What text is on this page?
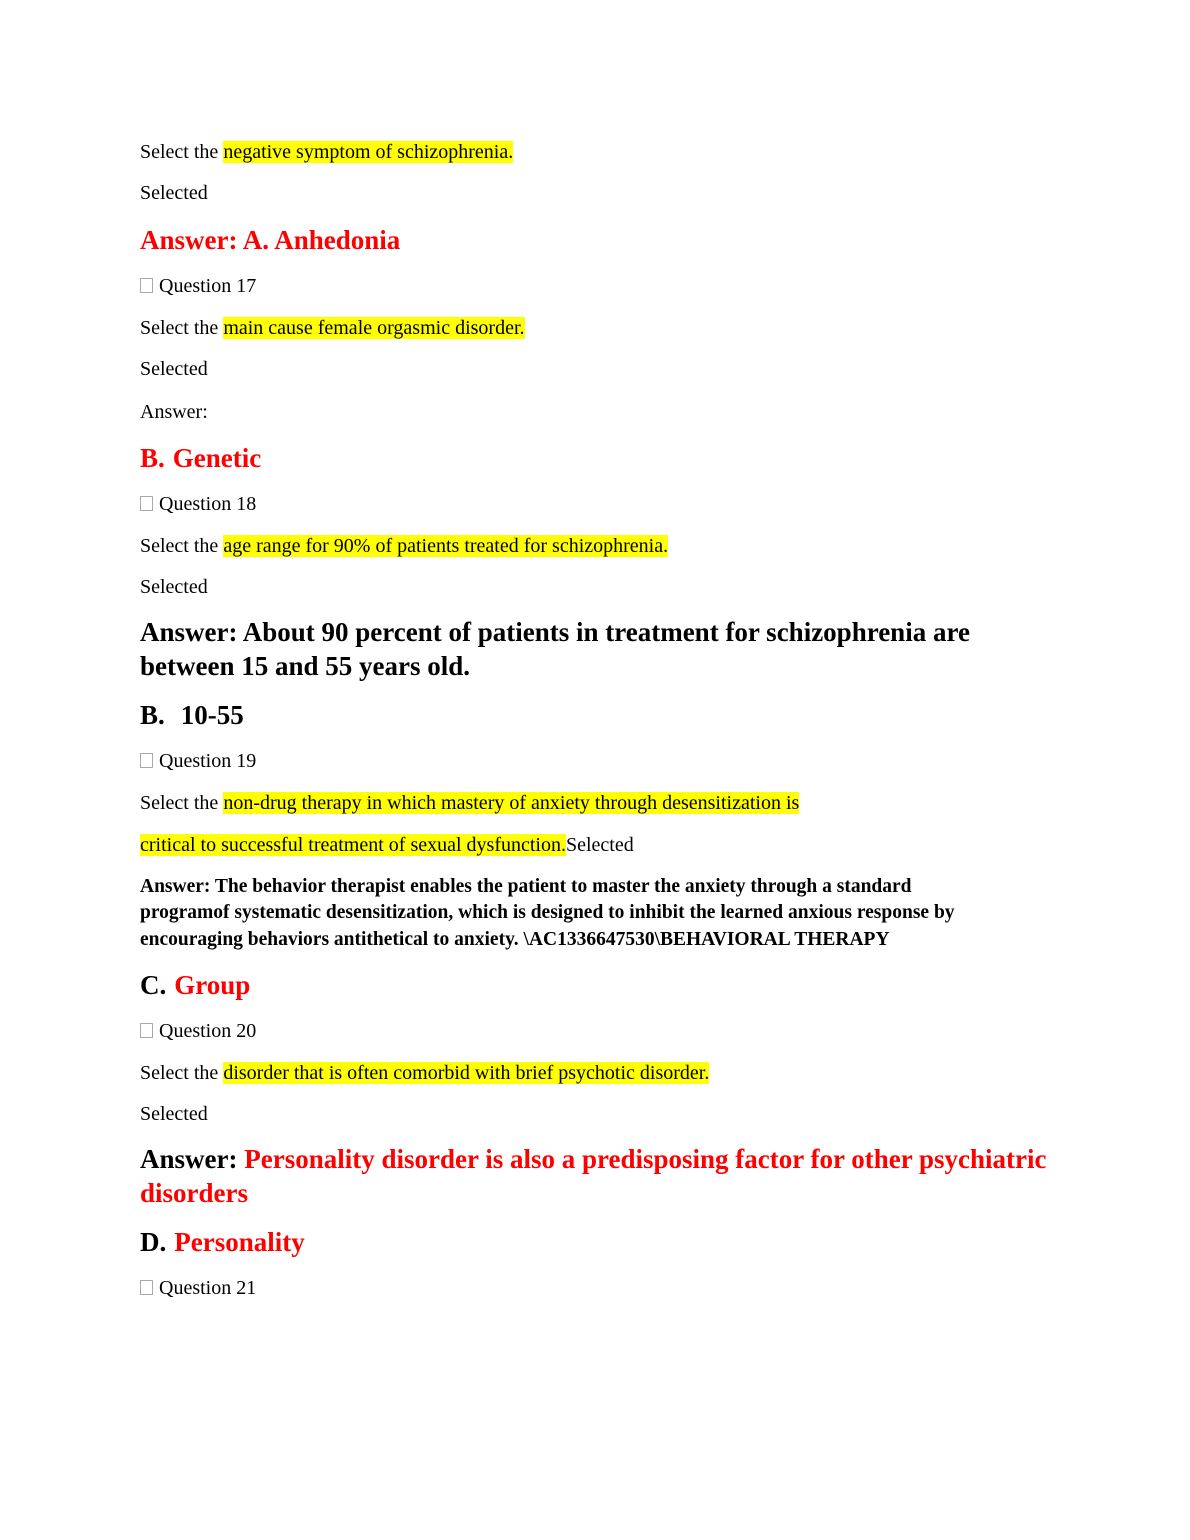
Select the negative symptom of schizophrenia.
Selected
Answer: A. Anhedonia
Question 17
Select the main cause female orgasmic disorder.
Selected
Answer:
B. Genetic
Question 18
Select the age range for 90% of patients treated for schizophrenia.
Selected
Answer: About 90 percent of patients in treatment for schizophrenia are
between 15 and 55 years old.
B. 10-55
Question 19
Select the non-drug therapy in which mastery of anxiety through desensitization is
critical to successful treatment of sexual dysfunction.Selected
Answer: The behavior therapist enables the patient to master the anxiety through a standard
programof systematic desensitization, which is designed to inhibit the learned anxious response by
encouraging behaviors antithetical to anxiety. \AC1336647530\BEHAVIORAL THERAPY
C. Group
Question 20
Select the disorder that is often comorbid with brief psychotic disorder.
Selected
Answer: Personality disorder is also a predisposing factor for other psychiatric
disorders
D. Personality
Question 21
